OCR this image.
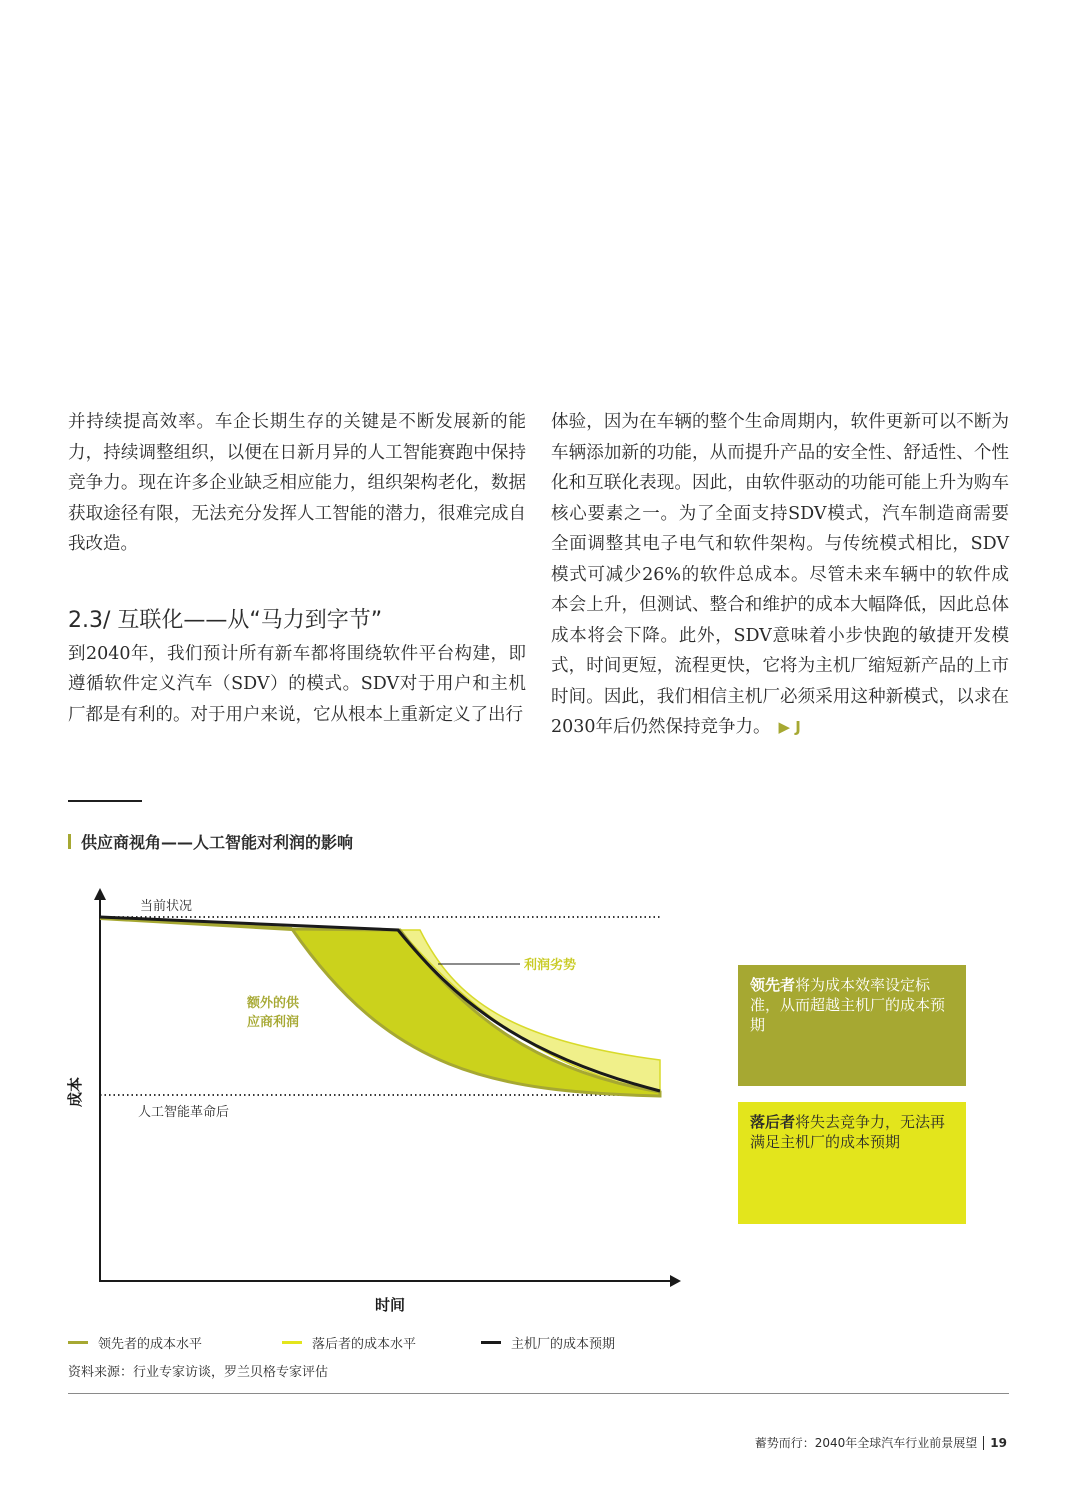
并持续提高效率。车企长期生存的关键是不断发展新的能力，持续调整组织，以便在日新月异的人工智能赛跑中保持竞争力。现在许多企业缺乏相应能力，组织架构老化，数据获取途径有限，无法充分发挥人工智能的潜力，很难完成自我改造。

2.3/ 互联化——从“马力到字节”

到2040年，我们预计所有新车都将围绕软件平台构建，即遵循软件定义汽车（SDV）的模式。SDV对于用户和主机厂都是有利的。对于用户来说，它从根本上重新定义了出行

体验，因为在车辆的整个生命周期内，软件更新可以不断为车辆添加新的功能，从而提升产品的安全性、舒适性、个性化和互联化表现。因此，由软件驱动的功能可能上升为购车核心要素之一。为了全面支持SDV模式，汽车制造商需要全面调整其电子电气和软件架构。与传统模式相比，SDV模式可减少26%的软件总成本。尽管未来车辆中的软件成本会上升，但测试、整合和维护的成本大幅降低，因此总体成本将会下降。此外，SDV意味着小步快跑的敏捷开发模式，时间更短，流程更快，它将为主机厂缩短新产品的上市时间。因此，我们相信主机厂必须采用这种新模式，以求在2030年后仍然保持竞争力。 ▶ J

供应商视角——人工智能对利润的影响
当前状况
人工智能革命后
额外的供
应商利润
利润劣势
成本
时间
领先者将为成本效率设定标准，从而超越主机厂的成本预期
落后者将失去竞争力，无法再满足主机厂的成本预期
领先者的成本水平	落后者的成本水平	主机厂的成本预期
资料来源：行业专家访谈，罗兰贝格专家评估
蓄势而行：2040年全球汽车行业前景展望 19
